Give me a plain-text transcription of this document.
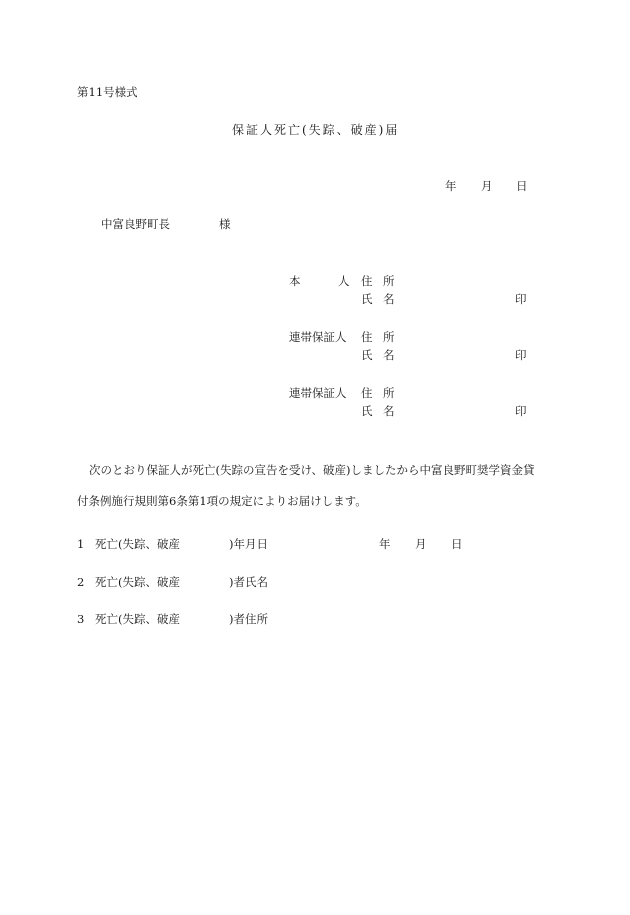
第11号様式
保証人死亡(失踪、破産)届
年 月 日
中富良野町長	様
本	人 住 所
氏 名	印
連帯保証人 住 所
氏 名	印
連帯保証人 住 所
氏 名	印
次のとおり保証人が死亡(失踪の宣告を受け、破産)しましたから中富良野町奨学資金貸
付条例施行規則第6条第1項の規定によりお届けします。
1 死亡(失踪、破産	)年月日	年 月 日
2 死亡(失踪、破産	)者氏名
3 死亡(失踪、破産	)者住所
